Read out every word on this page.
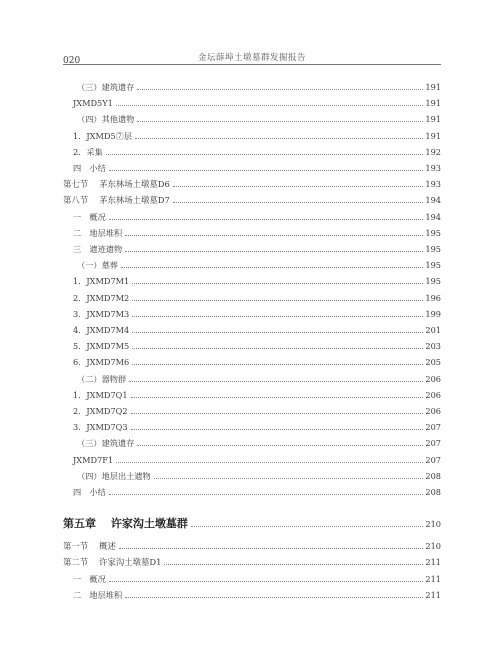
020	金坛薛埠土墩墓群发掘报告
（三）建筑遗存	191
JXMD5Y1	191
（四）其他遗物	191
1．JXMD5⑦层	191
2．采集	192
四　小结	193
第七节　 茅东林场土墩墓D6	193
第八节　 茅东林场土墩墓D7	194
一　概况	194
二　地层堆积	195
三　遗迹遗物	195
（一）墓葬	195
1．JXMD7M1	195
2．JXMD7M2	196
3．JXMD7M3	199
4．JXMD7M4	201
5．JXMD7M5	203
6．JXMD7M6	205
（二）器物群	206
1．JXMD7Q1	206
2．JXMD7Q2	206
3．JXMD7Q3	207
（三）建筑遗存	207
JXMD7F1	207
（四）地层出土遗物	208
四　小结	208
第五章　 许家沟土墩墓群	210
第一节　 概述	210
第二节　 许家沟土墩墓D1	211
一　概况	211
二　地层堆积	211
